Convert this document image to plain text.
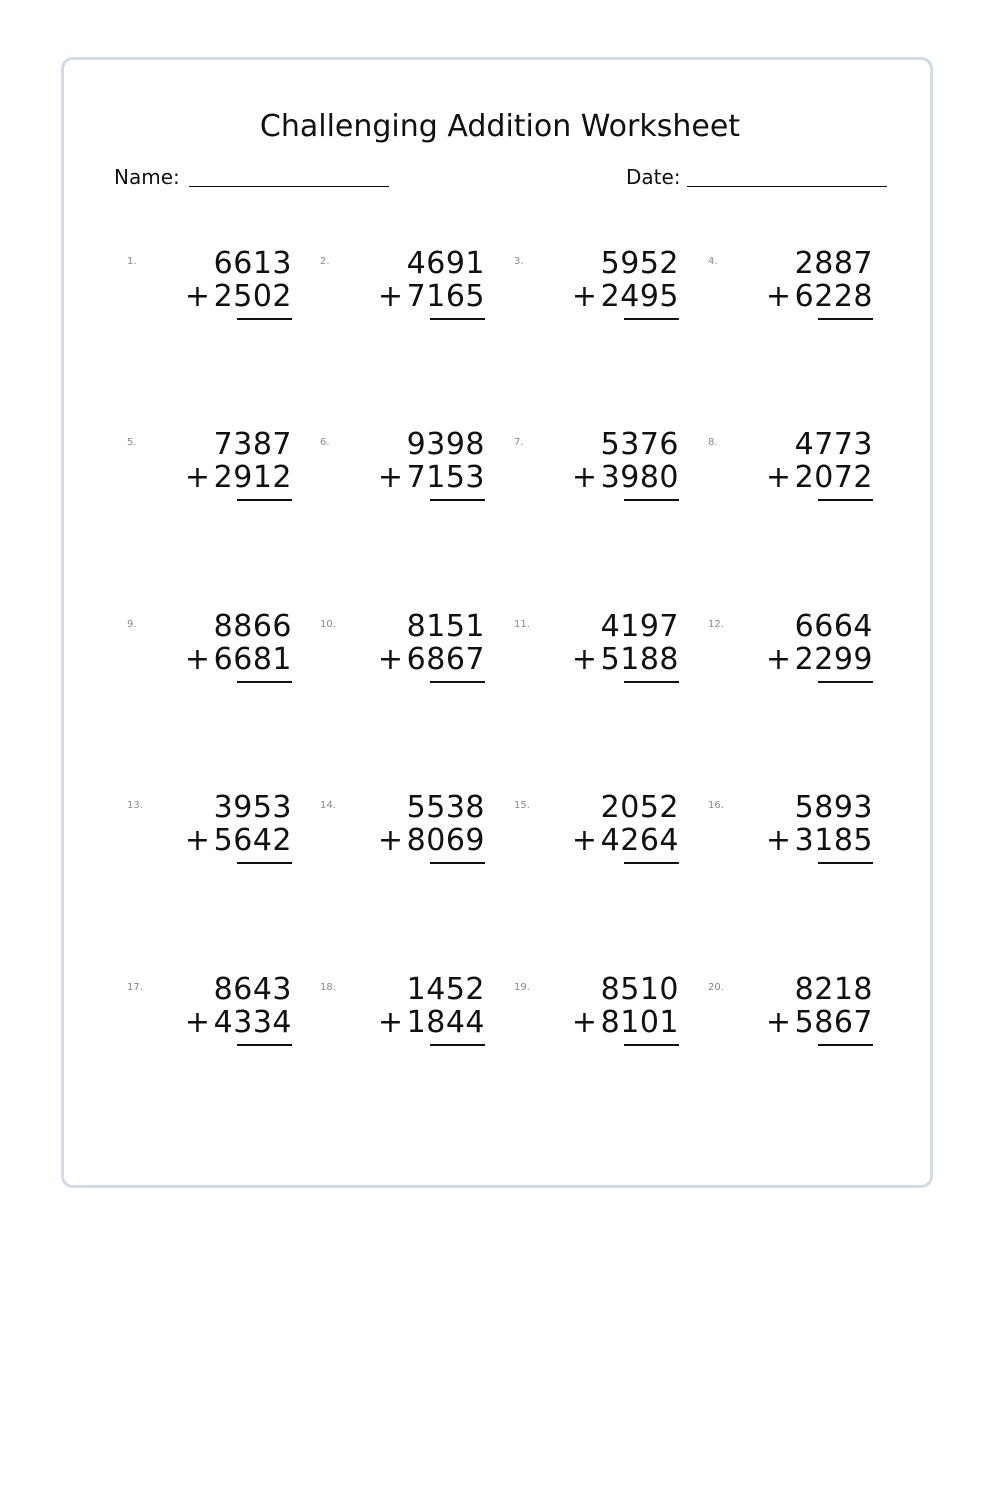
Challenging Addition Worksheet
Name:	Date:
1.	6613
+ 2502
2.	4691
+ 7165
3.	5952
+ 2495
4.	2887
+ 6228
5.	7387
+ 2912
6.	9398
+ 7153
7.	5376
+ 3980
8.	4773
+ 2072
9.	8866
+ 6681
10. 8151
+ 6867
11. 4197
+ 5188
12. 6664
+ 2299
13. 3953
+ 5642
14. 5538
+ 8069
15. 2052
+ 4264
16. 5893
+ 3185
17. 8643
+ 4334
18. 1452
+ 1844
19. 8510
+ 8101
20. 8218
+ 5867
